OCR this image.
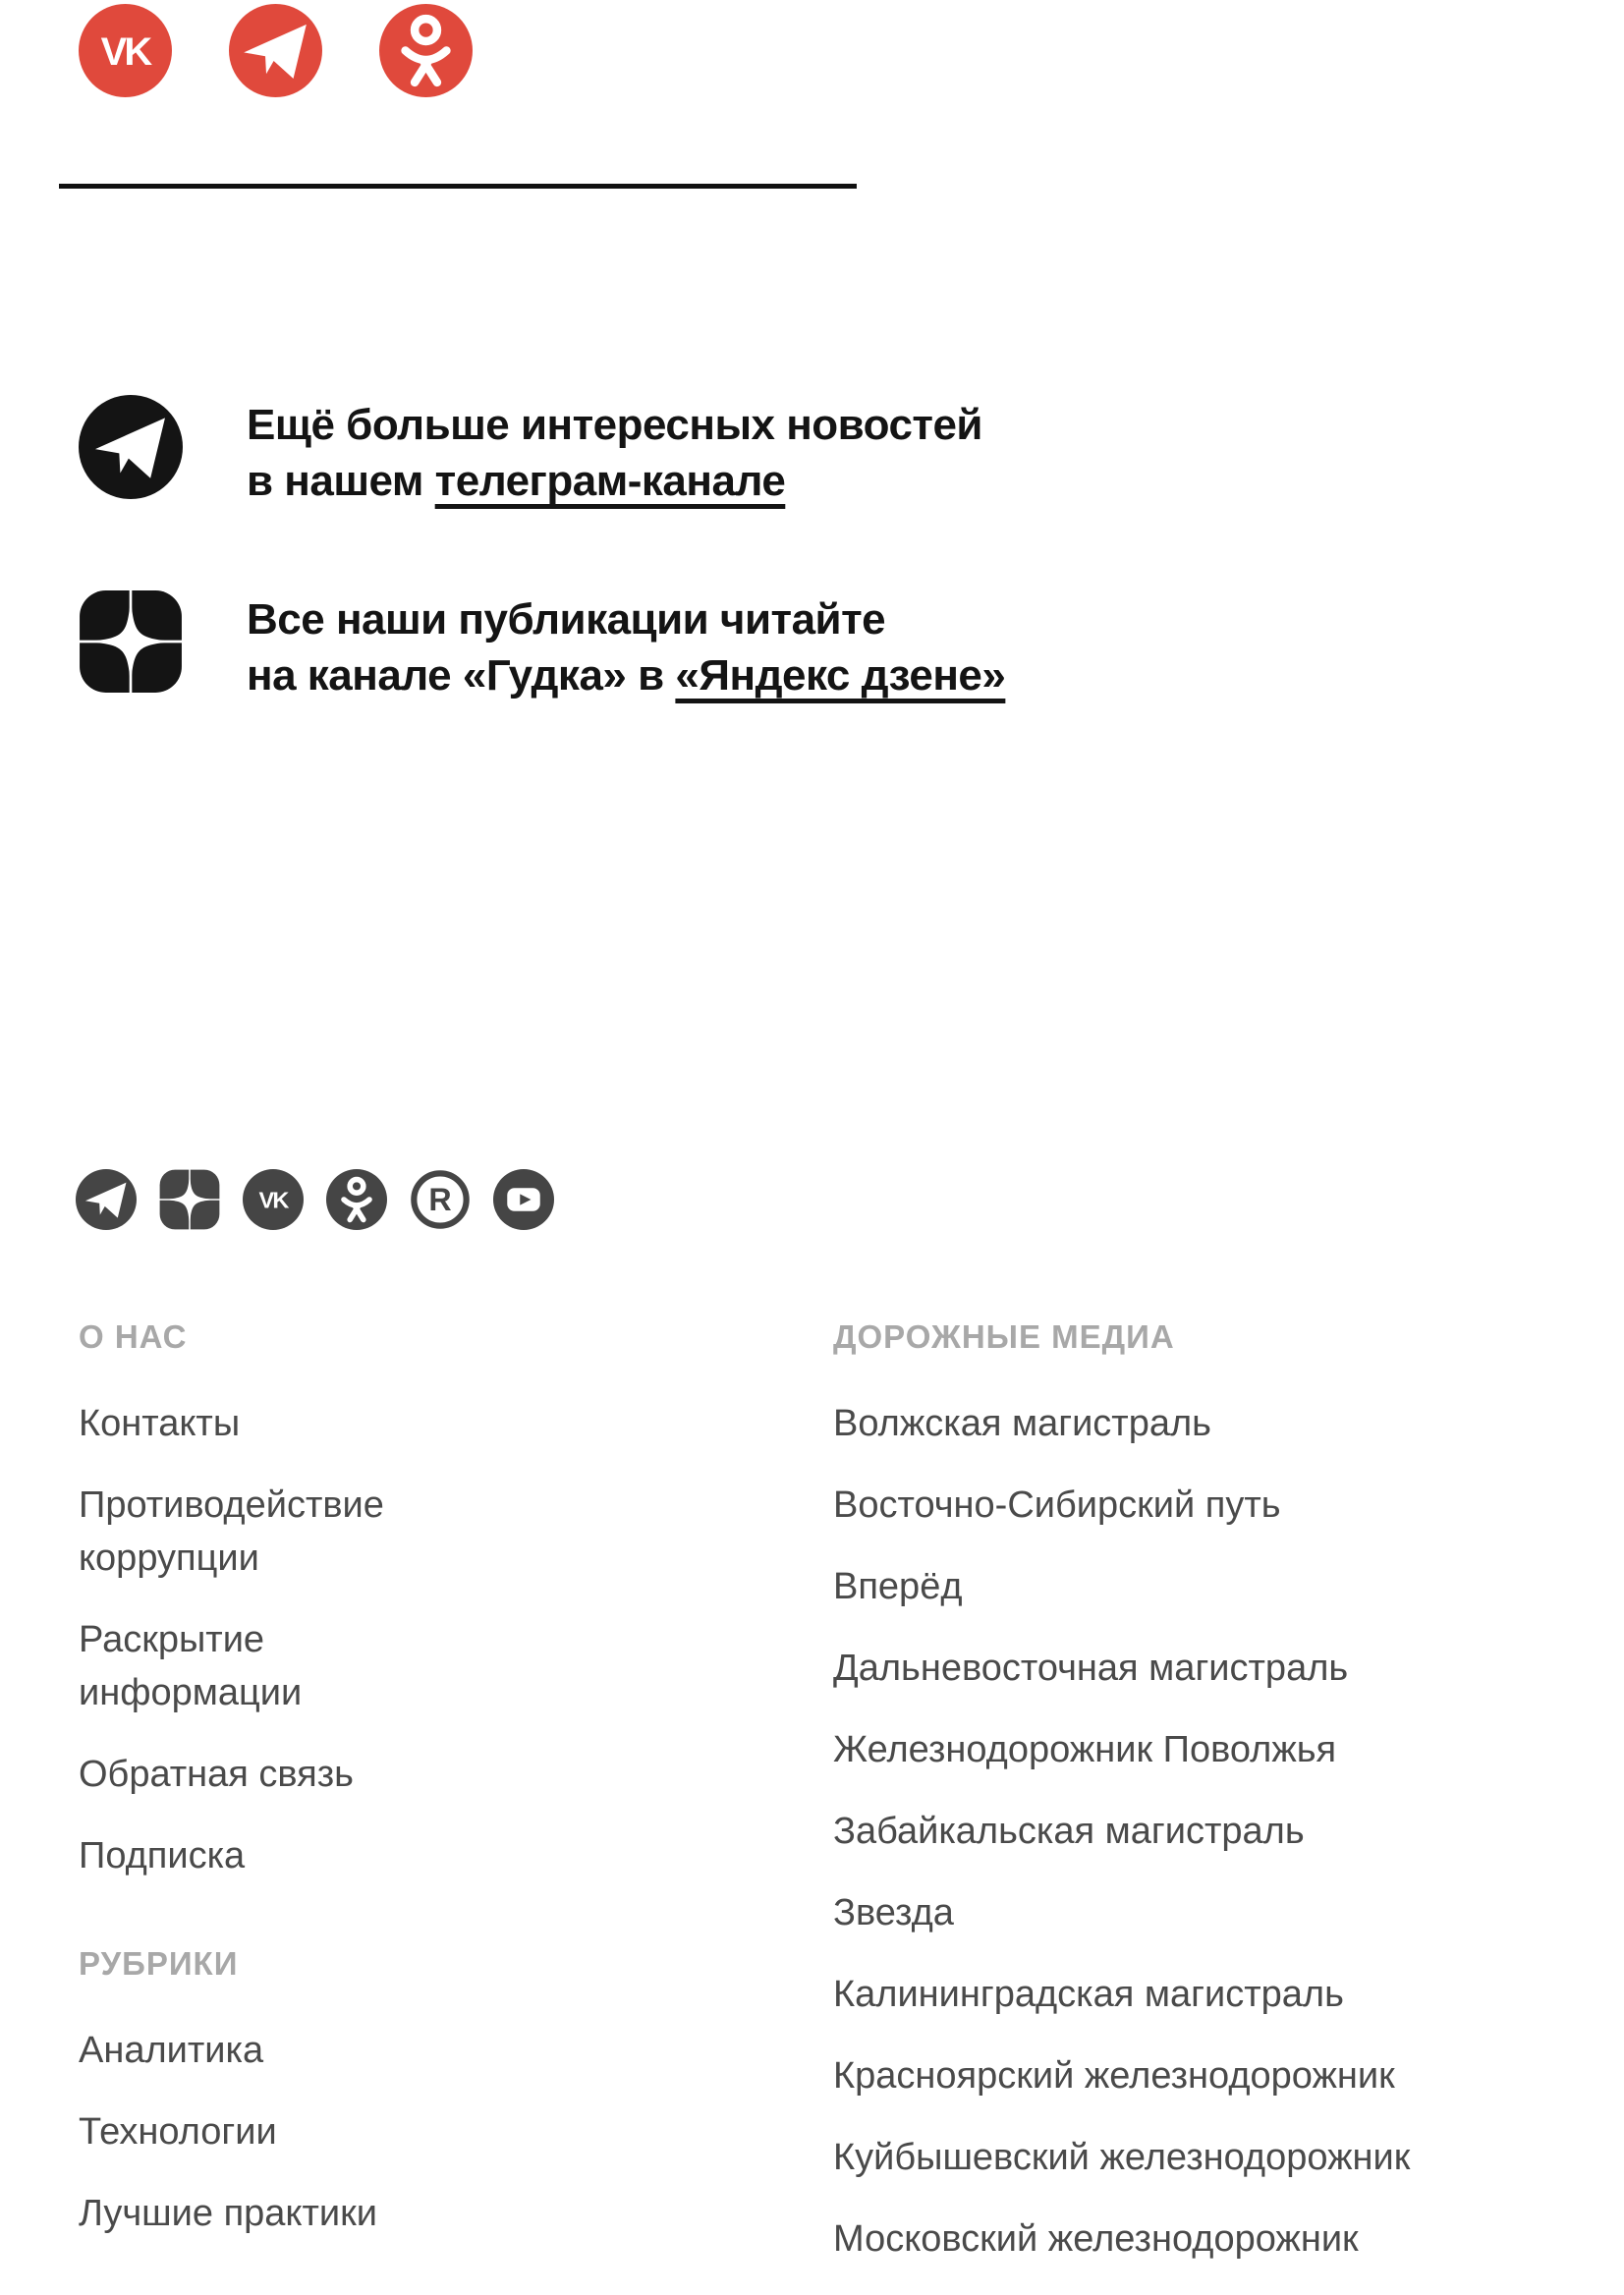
VK
Ещё больше интересных новостей
в нашем телеграм-канале
Все наши публикации читайте
на канале «Гудка» в «Яндекс дзене»
VK	R
О НАС
Контакты
Противодействие коррупции
Раскрытие информации
Обратная связь
Подписка
РУБРИКИ
Аналитика
Технологии
Лучшие практики
ДОРОЖНЫЕ МЕДИА
Волжская магистраль
Восточно-Сибирский путь
Вперёд
Дальневосточная магистраль
Железнодорожник Поволжья
Забайкальская магистраль
Звезда
Калининградская магистраль
Красноярский железнодорожник
Куйбышевский железнодорожник
Московский железнодорожник
